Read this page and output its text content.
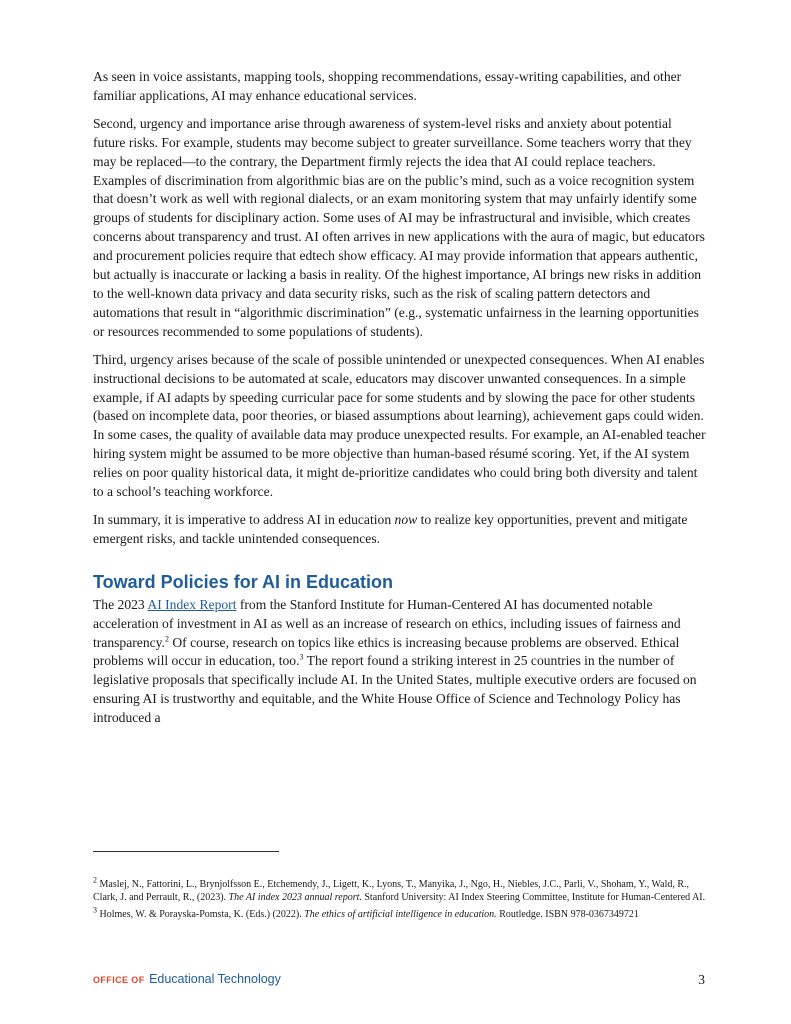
As seen in voice assistants, mapping tools, shopping recommendations, essay-writing capabilities, and other familiar applications, AI may enhance educational services.

Second, urgency and importance arise through awareness of system-level risks and anxiety about potential future risks. For example, students may become subject to greater surveillance. Some teachers worry that they may be replaced—to the contrary, the Department firmly rejects the idea that AI could replace teachers. Examples of discrimination from algorithmic bias are on the public’s mind, such as a voice recognition system that doesn’t work as well with regional dialects, or an exam monitoring system that may unfairly identify some groups of students for disciplinary action. Some uses of AI may be infrastructural and invisible, which creates concerns about transparency and trust. AI often arrives in new applications with the aura of magic, but educators and procurement policies require that edtech show efficacy. AI may provide information that appears authentic, but actually is inaccurate or lacking a basis in reality. Of the highest importance, AI brings new risks in addition to the well-known data privacy and data security risks, such as the risk of scaling pattern detectors and automations that result in “algorithmic discrimination” (e.g., systematic unfairness in the learning opportunities or resources recommended to some populations of students).

Third, urgency arises because of the scale of possible unintended or unexpected consequences. When AI enables instructional decisions to be automated at scale, educators may discover unwanted consequences. In a simple example, if AI adapts by speeding curricular pace for some students and by slowing the pace for other students (based on incomplete data, poor theories, or biased assumptions about learning), achievement gaps could widen. In some cases, the quality of available data may produce unexpected results. For example, an AI-enabled teacher hiring system might be assumed to be more objective than human-based résumé scoring. Yet, if the AI system relies on poor quality historical data, it might de-prioritize candidates who could bring both diversity and talent to a school’s teaching workforce.

In summary, it is imperative to address AI in education now to realize key opportunities, prevent and mitigate emergent risks, and tackle unintended consequences.

Toward Policies for AI in Education

The 2023 AI Index Report from the Stanford Institute for Human-Centered AI has documented notable acceleration of investment in AI as well as an increase of research on ethics, including issues of fairness and transparency.$^2$ Of course, research on topics like ethics is increasing because problems are observed. Ethical problems will occur in education, too.$^3$ The report found a striking interest in 25 countries in the number of legislative proposals that specifically include AI. In the United States, multiple executive orders are focused on ensuring AI is trustworthy and equitable, and the White House Office of Science and Technology Policy has introduced a

$^2$ Maslej, N., Fattorini, L., Brynjolfsson E., Etchemendy, J., Ligett, K., Lyons, T., Manyika, J., Ngo, H., Niebles, J.C., Parli, V., Shoham, Y., Wald, R., Clark, J. and Perrault, R., (2023). The AI index 2023 annual report. Stanford University: AI Index Steering Committee, Institute for Human-Centered AI.

$^3$ Holmes, W. & Porayska-Pomsta, K. (Eds.) (2022). The ethics of artificial intelligence in education. Routledge. ISBN 978-0367349721

OFFICE OF Educational Technology	3
